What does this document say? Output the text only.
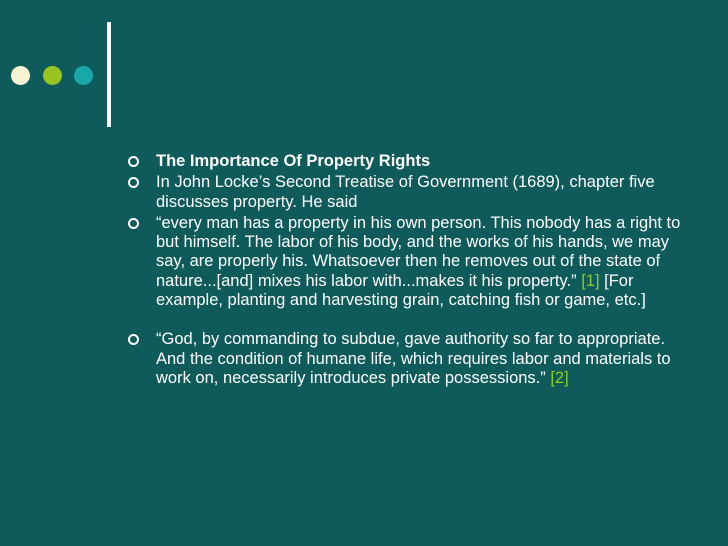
The Importance Of Property Rights
In John Locke’s Second Treatise of Government (1689), chapter five discusses property. He said
“every man has a property in his own person. This nobody has a right to but himself. The labor of his body, and the works of his hands, we may say, are properly his. Whatsoever then he removes out of the state of nature...[and] mixes his labor with...makes it his property.” [1] [For example, planting and harvesting grain, catching fish or game, etc.]
“God, by commanding to subdue, gave authority so far to appropriate. And the condition of humane life, which requires labor and materials to work on, necessarily introduces private possessions.” [2]
